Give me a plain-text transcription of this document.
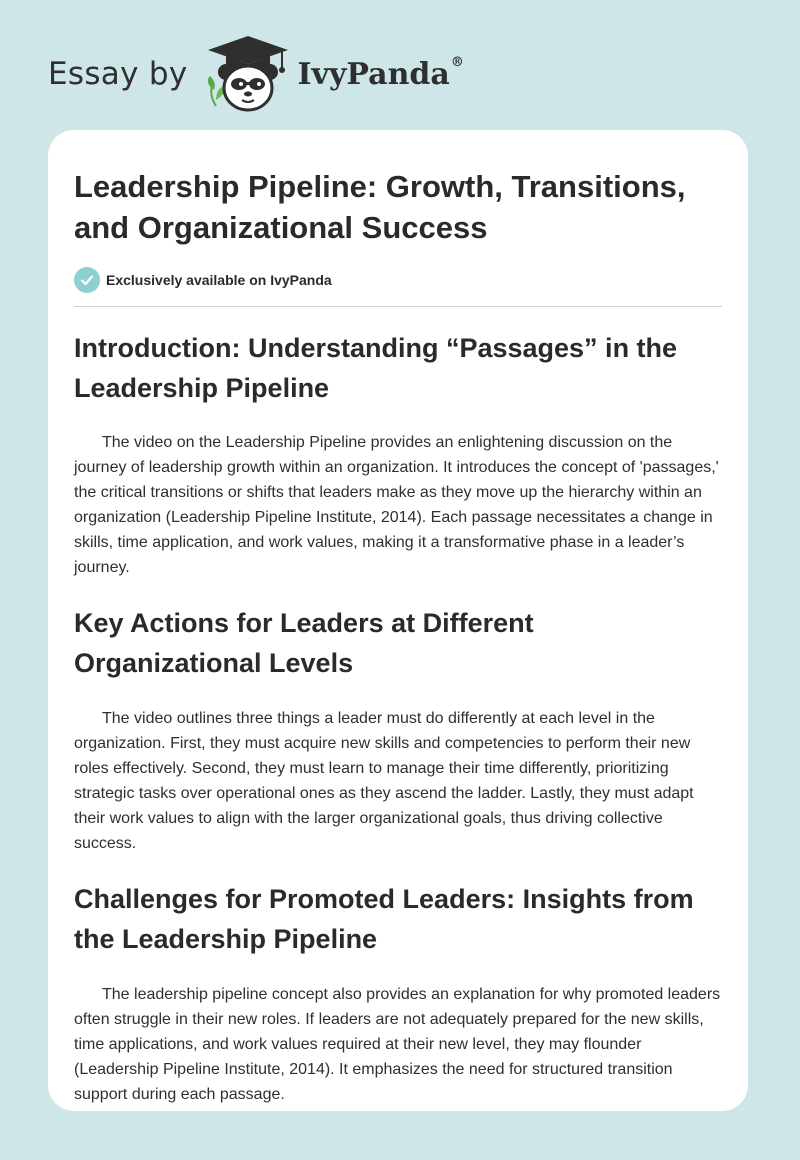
Essay by	IvyPanda®
Leadership Pipeline: Growth, Transitions, and Organizational Success
Exclusively available on IvyPanda
Introduction: Understanding “Passages” in the Leadership Pipeline

The video on the Leadership Pipeline provides an enlightening discussion on the journey of leadership growth within an organization. It introduces the concept of 'passages,' the critical transitions or shifts that leaders make as they move up the hierarchy within an organization (Leadership Pipeline Institute, 2014). Each passage necessitates a change in skills, time application, and work values, making it a transformative phase in a leader’s journey.

Key Actions for Leaders at Different Organizational Levels

The video outlines three things a leader must do differently at each level in the organization. First, they must acquire new skills and competencies to perform their new roles effectively. Second, they must learn to manage their time differently, prioritizing strategic tasks over operational ones as they ascend the ladder. Lastly, they must adapt their work values to align with the larger organizational goals, thus driving collective success.

Challenges for Promoted Leaders: Insights from the Leadership Pipeline

The leadership pipeline concept also provides an explanation for why promoted leaders often struggle in their new roles. If leaders are not adequately prepared for the new skills, time applications, and work values required at their new level, they may flounder (Leadership Pipeline Institute, 2014). It emphasizes the need for structured transition support during each passage.
